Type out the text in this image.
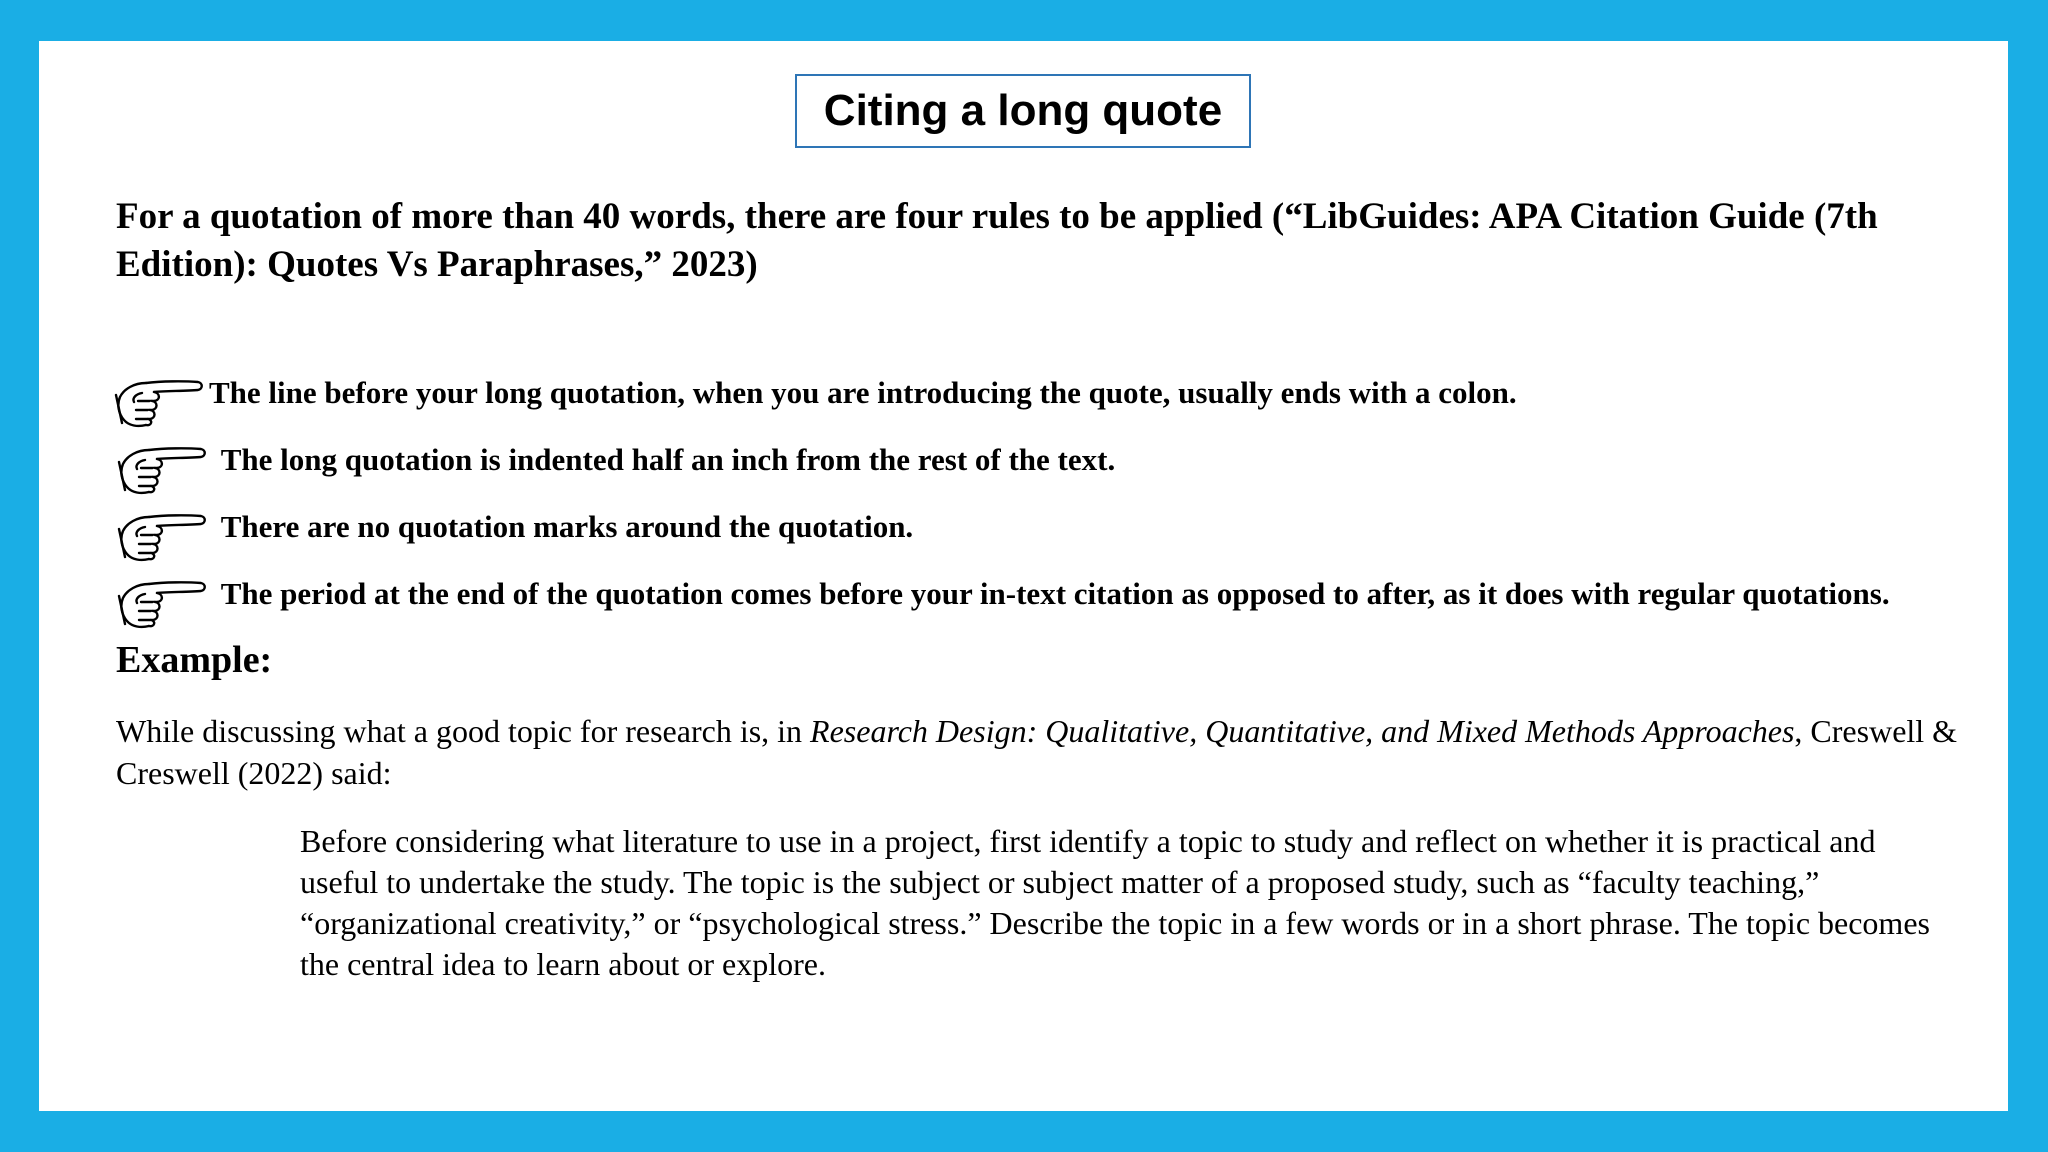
Citing a long quote

For a quotation of more than 40 words, there are four rules to be applied (“LibGuides: APA Citation Guide (7th Edition): Quotes Vs Paraphrases,” 2023)

The line before your long quotation, when you are introducing the quote, usually ends with a colon.
The long quotation is indented half an inch from the rest of the text.
There are no quotation marks around the quotation.
The period at the end of the quotation comes before your in-text citation as opposed to after, as it does with regular quotations.
Example:

While discussing what a good topic for research is, in Research Design: Qualitative, Quantitative, and Mixed Methods Approaches, Creswell & Creswell (2022) said:

Before considering what literature to use in a project, first identify a topic to study and reflect on whether it is practical and useful to undertake the study. The topic is the subject or subject matter of a proposed study, such as “faculty teaching,” “organizational creativity,” or “psychological stress.” Describe the topic in a few words or in a short phrase. The topic becomes the central idea to learn about or explore.
